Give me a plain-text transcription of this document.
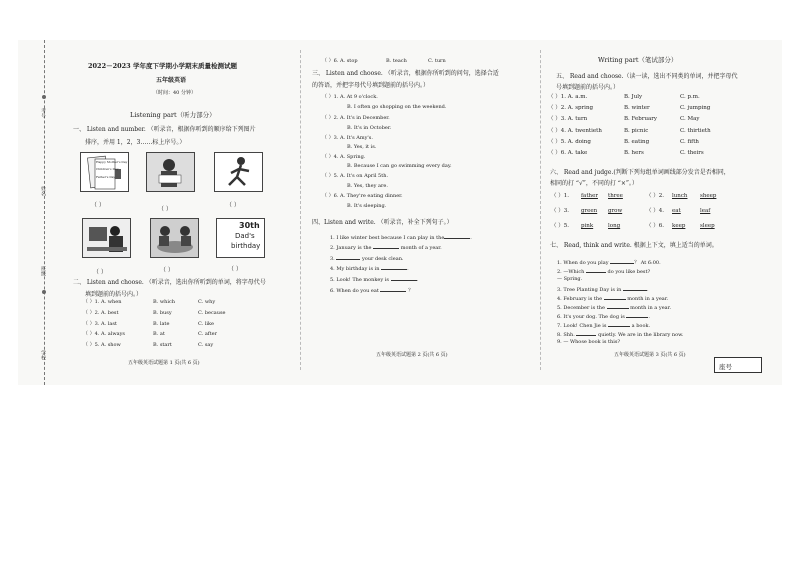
考号
姓名
班级
学校
2022－2023 学年度下学期小学期末质量检测试题
五年级英语
（时间：40 分钟）
Listening part（听力部分）
一、 Listen and number. （听录音，根据你听到的顺序给下列图片
排序，并用 1，2，3……标上序号。）
Happy Mother's Day
Children's Day
Father's Day
（ ）
（ ）
（ ）
30th
Dad's
birthday
（ ）	（ ）	（ ）
二、 Listen and choose. （听录音，选出你所听到的单词，将字母代号
填到题前的括号内。）
（ ）1. A. when	B. which	C. why
（ ）2. A. best	B. busy	C. because
（ ）3. A. last	B. late	C. like
（ ）4. A. always	B. at	C. after
（ ）5. A. show	B. start	C. say
五年级英语试题第 1 页(共 6 页)
（ ）6. A. stop	B. teach	C. turn
三、 Listen and choose. （听录音，根据你所听到的问句，选择合适
的答语，并把字母代号填到题前的括号内。）
（ ）1. A. At 9 o'clock.
B. I often go shopping on the weekend.
（ ）2. A. It's in December.
B. It's in October.
（ ）3. A. It's Amy's.
B. Yes, it is.
（ ）4. A. Spring.
B. Because I can go swimming every day.
（ ）5. A. It's on April 5th.
B. Yes, they are.
（ ）6. A. They're eating dinner.
B. It's sleeping.
四、Listen and write. （听录音，补全下列句子。）
1. I like winter best because I can play in the	.
2. January is the	month of a year.
3.	your desk clean.
4. My birthday is in	.
5. Look! The monkey is	.
6. When do you eat	？
五年级英语试题第 2 页(共 6 页)
Writing part（笔试部分）
五、 Read and choose.（读一读，选出不同类的单词，并把字母代
号填到题前的括号内。）
（ ）1. A. a.m.	B. July	C. p.m.
（ ）2. A. spring	B. winter	C. jumping
（ ）3. A. turn	B. February	C. May
（ ）4. A. twentieth	B. picnic	C. thirtieth
（ ）5. A. doing	B. eating	C. fifth
（ ）6. A. take	B. hers	C. theirs
六、 Read and judge.(判断下列每组单词画线部分发音是否相同，
相同的打 “√”，不同的打 “×”。）
（ ）1. father three	（ ）2. lunch sheep
（ ）3. green grow	（ ）4. eat	leaf
（ ）5. pink	long	（ ）6. keep	sleep
七、 Read, think and write. 根据上下文，填上适当的单词。
1. When do you play	？ At 6:00.
2. —Which	do you like best?
— Spring.
3. Tree Planting Day is in	.
4. February is the	month in a year.
5. December is the	month in a year.
6. It's your dog. The dog is	.
7. Look! Chen Jie is	a book.
8. Shh.	quietly. We are in the library now.
9. — Whose book is this?
五年级英语试题第 3 页(共 6 页)
座号
